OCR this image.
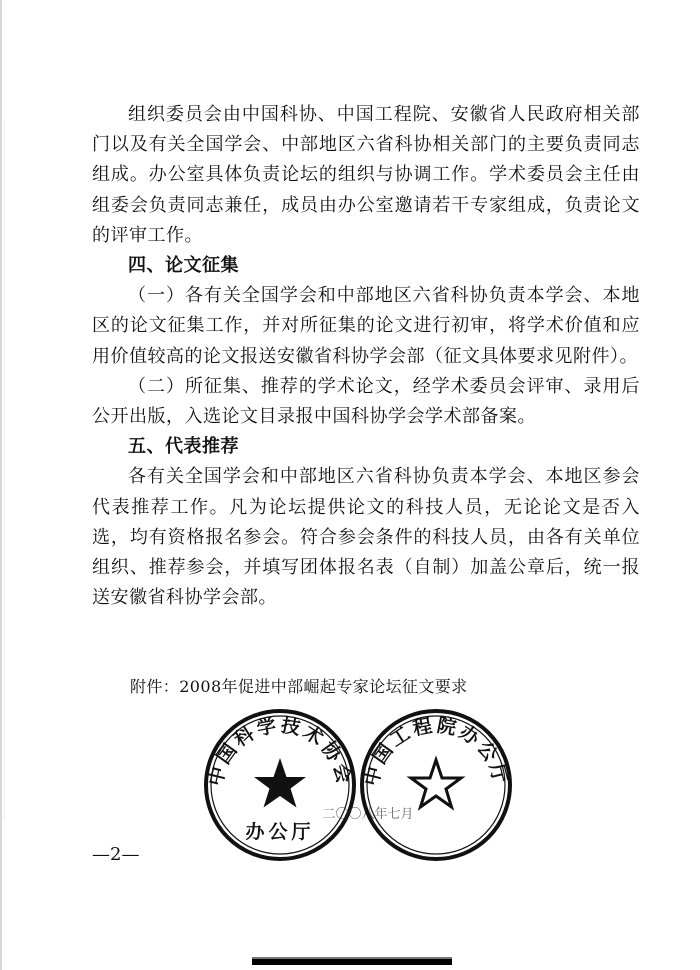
组织委员会由中国科协、中国工程院、安徽省人民政府相关部门以及有关全国学会、中部地区六省科协相关部门的主要负责同志组成。办公室具体负责论坛的组织与协调工作。学术委员会主任由组委会负责同志兼任，成员由办公室邀请若干专家组成，负责论文的评审工作。

四、论文征集

（一）各有关全国学会和中部地区六省科协负责本学会、本地区的论文征集工作，并对所征集的论文进行初审，将学术价值和应用价值较高的论文报送安徽省科协学会部（征文具体要求见附件）。

（二）所征集、推荐的学术论文，经学术委员会评审、录用后公开出版，入选论文目录报中国科协学会学术部备案。

五、代表推荐

各有关全国学会和中部地区六省科协负责本学会、本地区参会代表推荐工作。凡为论坛提供论文的科技人员，无论论文是否入选，均有资格报名参会。符合参会条件的科技人员，由各有关单位组织、推荐参会，并填写团体报名表（自制）加盖公章后，统一报送安徽省科协学会部。

附件：2008年促进中部崛起专家论坛征文要求
中国科学技术协会
办公厅
二〇〇八年七月
中国工程院办公厅
—2—
